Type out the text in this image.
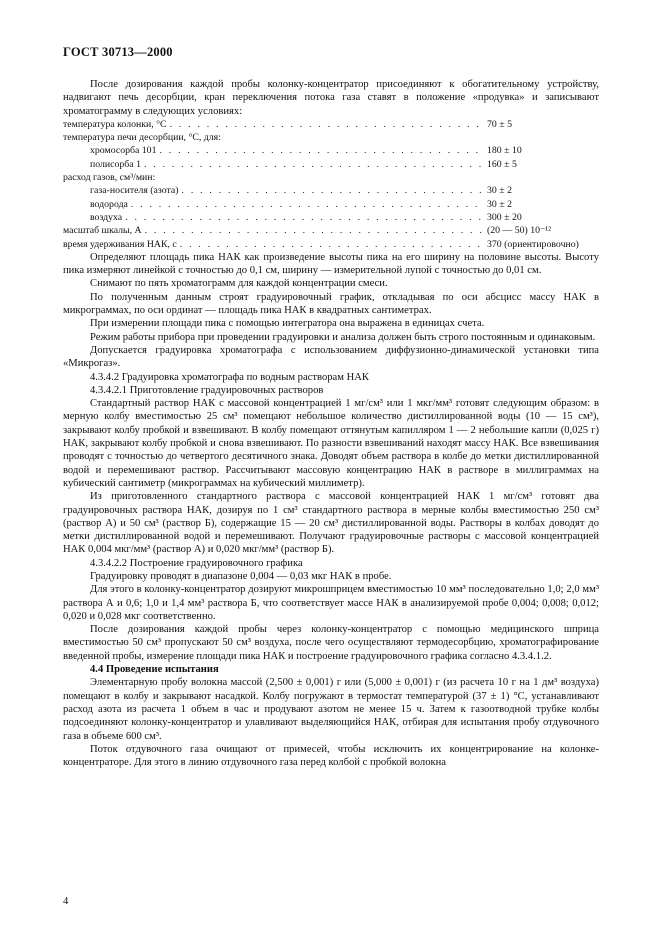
ГОСТ 30713—2000

После дозирования каждой пробы колонку-концентратор присоединяют к обогатительному устройству, надвигают печь десорбции, кран переключения потока газа ставят в положение «продувка» и записывают хроматограмму в следующих условиях:

температура колонки, °С . . .	70 ± 5
температура печи десорбции, °С, для:
хромосорба 101 . . .	180 ± 10
полисорба 1 . . .	160 ± 5
расход газов, см³/мин:
газа-носителя (азота) . . .	30 ± 2
водорода . . .	30 ± 2
воздуха . . .	300 ± 20
масштаб шкалы, А . . .	(20 — 50) 10⁻¹²
время удерживания НАК, с . . .	370 (ориентировочно)

Определяют площадь пика НАК как произведение высоты пика на его ширину на половине высоты. Высоту пика измеряют линейкой с точностью до 0,1 см, ширину — измерительной лупой с точностью до 0,01 см.

Снимают по пять хроматограмм для каждой концентрации смеси.

По полученным данным строят градуировочный график, откладывая по оси абсцисс массу НАК в микрограммах, по оси ординат — площадь пика НАК в квадратных сантиметрах.

При измерении площади пика с помощью интегратора она выражена в единицах счета.

Режим работы прибора при проведении градуировки и анализа должен быть строго постоянным и одинаковым.

Допускается градуировка хроматографа с использованием диффузионно-динамической установки типа «Микрогаз».

4.3.4.2 Градуировка хроматографа по водным растворам НАК

4.3.4.2.1 Приготовление градуировочных растворов

Стандартный раствор НАК с массовой концентрацией 1 мг/см³ или 1 мкг/мм³ готовят следующим образом: в мерную колбу вместимостью 25 см³ помещают небольшое количество дистиллированной воды (10 — 15 см³), закрывают колбу пробкой и взвешивают. В колбу помещают оттянутым капилляром 1 — 2 небольшие капли (0,025 г) НАК, закрывают колбу пробкой и снова взвешивают. По разности взвешиваний находят массу НАК. Все взвешивания проводят с точностью до четвертого десятичного знака. Доводят объем раствора в колбе до метки дистиллированной водой и перемешивают раствор. Рассчитывают массовую концентрацию НАК в растворе в миллиграммах на кубический сантиметр (микрограммах на кубический миллиметр).

Из приготовленного стандартного раствора с массовой концентрацией НАК 1 мг/см³ готовят два градуировочных раствора НАК, дозируя по 1 см³ стандартного раствора в мерные колбы вместимостью 250 см³ (раствор А) и 50 см³ (раствор Б), содержащие 15 — 20 см³ дистиллированной воды. Растворы в колбах доводят до метки дистиллированной водой и перемешивают. Получают градуировочные растворы с массовой концентрацией НАК 0,004 мкг/мм³ (раствор А) и 0,020 мкг/мм³ (раствор Б).

4.3.4.2.2 Построение градуировочного графика

Градуировку проводят в диапазоне 0,004 — 0,03 мкг НАК в пробе.

Для этого в колонку-концентратор дозируют микрошприцем вместимостью 10 мм³ последовательно 1,0; 2,0 мм³ раствора А и 0,6; 1,0 и 1,4 мм³ раствора Б, что соответствует массе НАК в анализируемой пробе 0,004; 0,008; 0,012; 0,020 и 0,028 мкг соответственно.

После дозирования каждой пробы через колонку-концентратор с помощью медицинского шприца вместимостью 50 см³ пропускают 50 см³ воздуха, после чего осуществляют термодесорбцию, хроматографирование введенной пробы, измерение площади пика НАК и построение градуировочного графика согласно 4.3.4.1.2.

4.4 Проведение испытания

Элементарную пробу волокна массой (2,500 ± 0,001) г или (5,000 ± 0,001) г (из расчета 10 г на 1 дм³ воздуха) помещают в колбу и закрывают насадкой. Колбу погружают в термостат температурой (37 ± 1) °С, устанавливают расход азота из расчета 1 объем в час и продувают азотом не менее 15 ч. Затем к газоотводной трубке колбы подсоединяют колонку-концентратор и улавливают выделяющийся НАК, отбирая для испытания пробу отдувочного газа в объеме 600 см³.

Поток отдувочного газа очищают от примесей, чтобы исключить их концентрирование на колонке-концентраторе. Для этого в линию отдувочного газа перед колбой с пробкой волокна

4
